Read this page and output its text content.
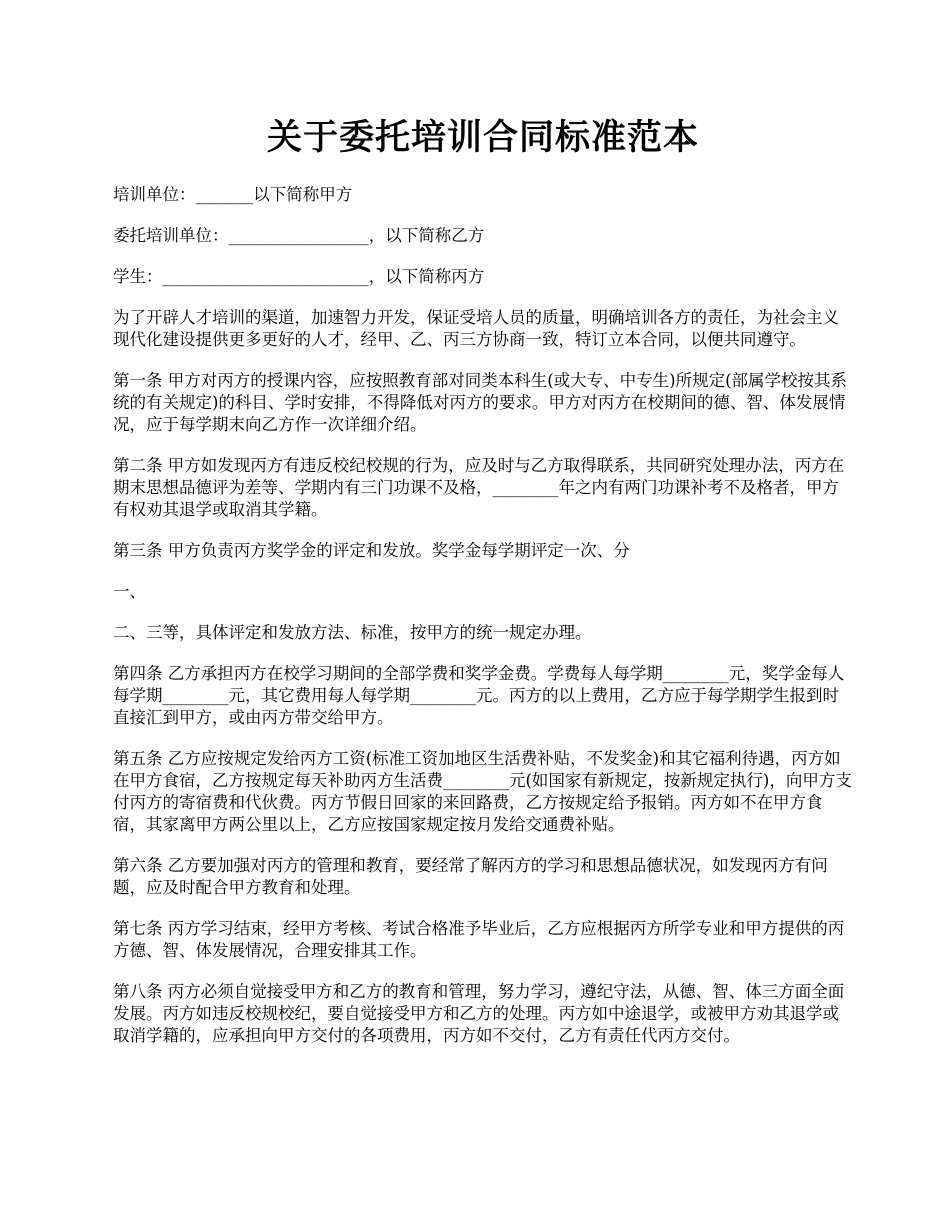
关于委托培训合同标准范本

培训单位：_______以下简称甲方

委托培训单位：_________________，以下简称乙方

学生：_________________________，以下简称丙方

为了开辟人才培训的渠道，加速智力开发，保证受培人员的质量，明确培训各方的责任，为社会主义现代化建设提供更多更好的人才，经甲、乙、丙三方协商一致，特订立本合同，以便共同遵守。

第一条 甲方对丙方的授课内容，应按照教育部对同类本科生(或大专、中专生)所规定(部属学校按其系统的有关规定)的科目、学时安排，不得降低对丙方的要求。甲方对丙方在校期间的德、智、体发展情况，应于每学期末向乙方作一次详细介绍。

第二条 甲方如发现丙方有违反校纪校规的行为，应及时与乙方取得联系，共同研究处理办法，丙方在期末思想品德评为差等、学期内有三门功课不及格，________年之内有两门功课补考不及格者，甲方有权劝其退学或取消其学籍。

第三条 甲方负责丙方奖学金的评定和发放。奖学金每学期评定一次、分

一、

二、三等，具体评定和发放方法、标准，按甲方的统一规定办理。

第四条 乙方承担丙方在校学习期间的全部学费和奖学金费。学费每人每学期________元，奖学金每人每学期________元，其它费用每人每学期________元。丙方的以上费用，乙方应于每学期学生报到时直接汇到甲方，或由丙方带交给甲方。

第五条 乙方应按规定发给丙方工资(标准工资加地区生活费补贴，不发奖金)和其它福利待遇，丙方如在甲方食宿，乙方按规定每天补助丙方生活费________元(如国家有新规定，按新规定执行)，向甲方支付丙方的寄宿费和代伙费。丙方节假日回家的来回路费，乙方按规定给予报销。丙方如不在甲方食宿，其家离甲方两公里以上，乙方应按国家规定按月发给交通费补贴。

第六条 乙方要加强对丙方的管理和教育，要经常了解丙方的学习和思想品德状况，如发现丙方有问题，应及时配合甲方教育和处理。

第七条 丙方学习结束，经甲方考核、考试合格准予毕业后，乙方应根据丙方所学专业和甲方提供的丙方德、智、体发展情况，合理安排其工作。

第八条 丙方必须自觉接受甲方和乙方的教育和管理，努力学习，遵纪守法，从德、智、体三方面全面发展。丙方如违反校规校纪，要自觉接受甲方和乙方的处理。丙方如中途退学，或被甲方劝其退学或取消学籍的，应承担向甲方交付的各项费用，丙方如不交付，乙方有责任代丙方交付。
